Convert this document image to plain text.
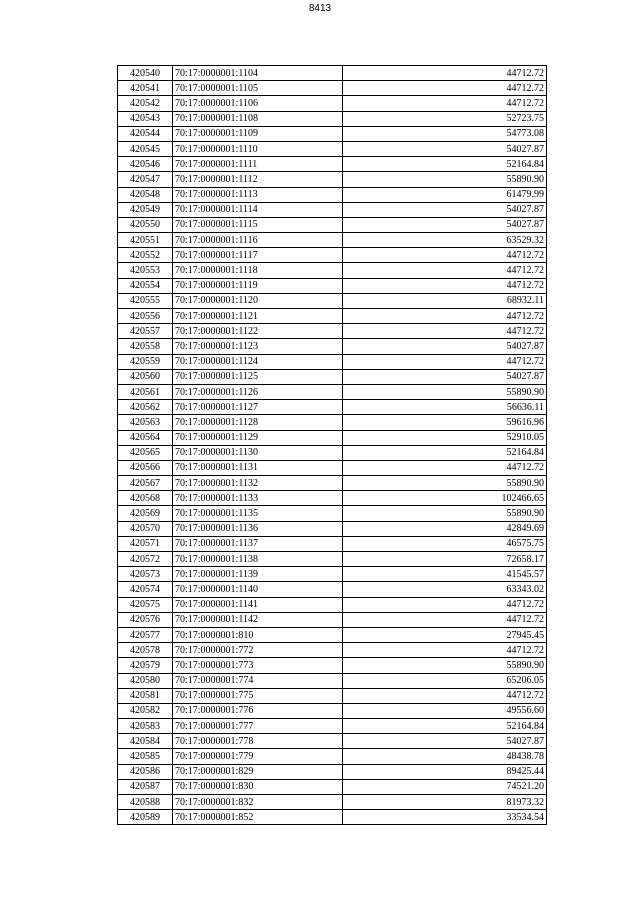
8413
420540	70:17:0000001:1104	44712.72
420541	70:17:0000001:1105	44712.72
420542	70:17:0000001:1106	44712.72
420543	70:17:0000001:1108	52723.75
420544	70:17:0000001:1109	54773.08
420545	70:17:0000001:1110	54027.87
420546	70:17:0000001:1111	52164.84
420547	70:17:0000001:1112	55890.90
420548	70:17:0000001:1113	61479.99
420549	70:17:0000001:1114	54027.87
420550	70:17:0000001:1115	54027.87
420551	70:17:0000001:1116	63529.32
420552	70:17:0000001:1117	44712.72
420553	70:17:0000001:1118	44712.72
420554	70:17:0000001:1119	44712.72
420555	70:17:0000001:1120	68932.11
420556	70:17:0000001:1121	44712.72
420557	70:17:0000001:1122	44712.72
420558	70:17:0000001:1123	54027.87
420559	70:17:0000001:1124	44712.72
420560	70:17:0000001:1125	54027.87
420561	70:17:0000001:1126	55890.90
420562	70:17:0000001:1127	56636.11
420563	70:17:0000001:1128	59616.96
420564	70:17:0000001:1129	52910.05
420565	70:17:0000001:1130	52164.84
420566	70:17:0000001:1131	44712.72
420567	70:17:0000001:1132	55890.90
420568	70:17:0000001:1133	102466.65
420569	70:17:0000001:1135	55890.90
420570	70:17:0000001:1136	42849.69
420571	70:17:0000001:1137	46575.75
420572	70:17:0000001:1138	72658.17
420573	70:17:0000001:1139	41545.57
420574	70:17:0000001:1140	63343.02
420575	70:17:0000001:1141	44712.72
420576	70:17:0000001:1142	44712.72
420577	70:17:0000001:810	27945.45
420578	70:17:0000001:772	44712.72
420579	70:17:0000001:773	55890.90
420580	70:17:0000001:774	65206.05
420581	70:17:0000001:775	44712.72
420582	70:17:0000001:776	49556.60
420583	70:17:0000001:777	52164.84
420584	70:17:0000001:778	54027.87
420585	70:17:0000001:779	48438.78
420586	70:17:0000001:829	89425.44
420587	70:17:0000001:830	74521.20
420588	70:17:0000001:832	81973.32
420589	70:17:0000001:852	33534.54
